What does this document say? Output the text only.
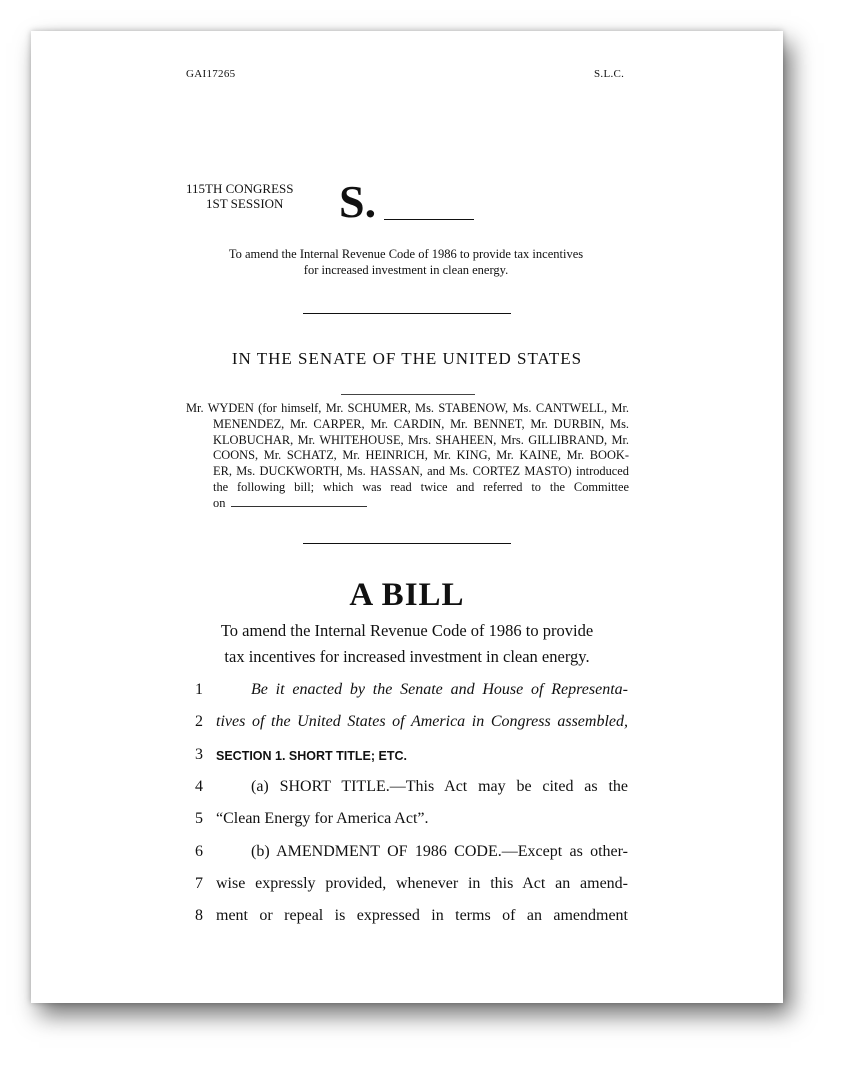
GAI17265	S.L.C.
115TH CONGRESS
1ST SESSION S.
To amend the Internal Revenue Code of 1986 to provide tax incentives
for increased investment in clean energy.
IN THE SENATE OF THE UNITED STATES
Mr. WYDEN (for himself, Mr. SCHUMER, Ms. STABENOW, Ms. CANTWELL, Mr.
MENENDEZ, Mr. CARPER, Mr. CARDIN, Mr. BENNET, Mr. DURBIN, Ms.
KLOBUCHAR, Mr. WHITEHOUSE, Mrs. SHAHEEN, Mrs. GILLIBRAND, Mr.
COONS, Mr. SCHATZ, Mr. HEINRICH, Mr. KING, Mr. KAINE, Mr. BOOK-
ER, Ms. DUCKWORTH, Ms. HASSAN, and Ms. CORTEZ MASTO) introduced
the following bill; which was read twice and referred to the Committee
on
A BILL
To amend the Internal Revenue Code of 1986 to provide
tax incentives for increased investment in clean energy.
1	Be it enacted by the Senate and House of Representa-
2 tives of the United States of America in Congress assembled,
3	SECTION 1. SHORT TITLE; ETC.
4	(a) SHORT TITLE.—This Act may be cited as the
5 “Clean Energy for America Act”.
6	(b) AMENDMENT OF 1986 CODE.—Except as other-
7 wise expressly provided, whenever in this Act an amend-
8 ment or repeal is expressed in terms of an amendment
